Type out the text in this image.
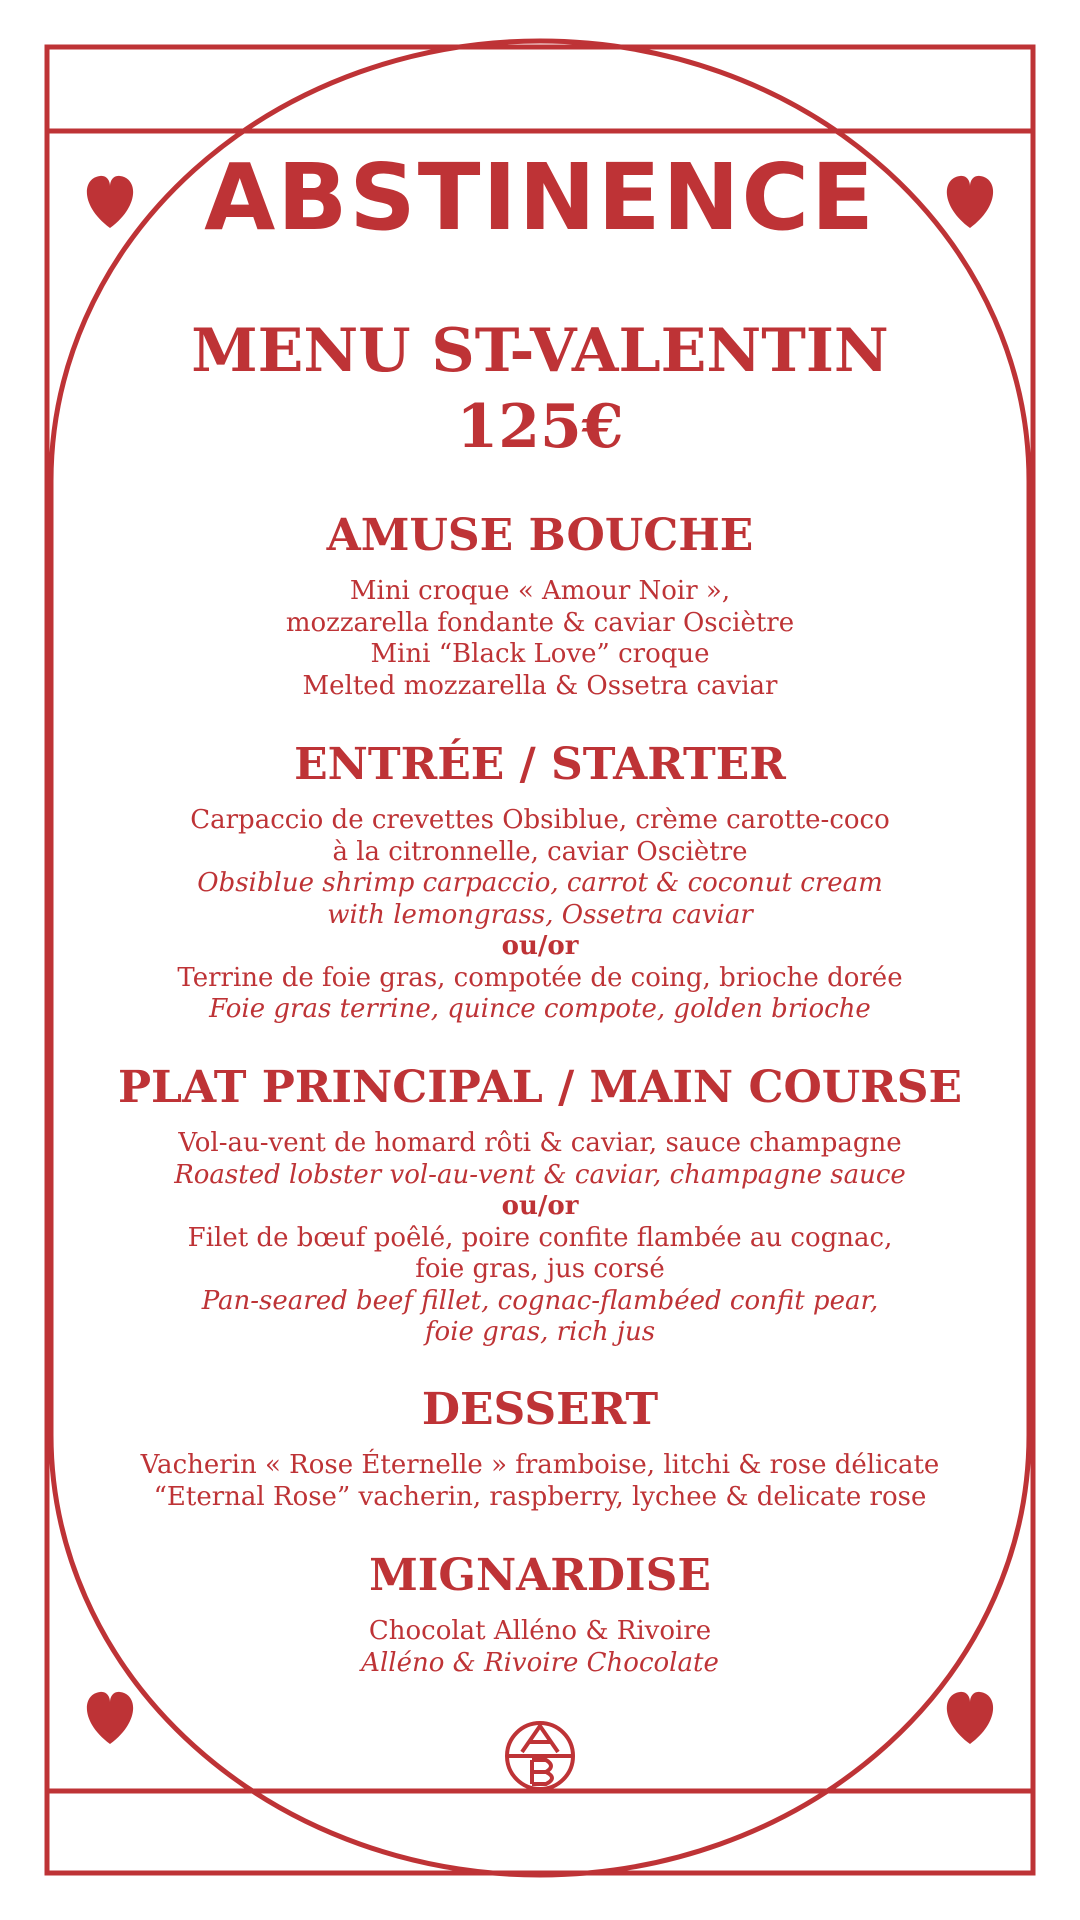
ABSTINENCE
MENU ST-VALENTIN
125€
AMUSE BOUCHE
Mini croque « Amour Noir »,
mozzarella fondante & caviar Osciètre
Mini “Black Love” croque
Melted mozzarella & Ossetra caviar
ENTRÉE / STARTER
Carpaccio de crevettes Obsiblue, crème carotte-coco
à la citronnelle, caviar Osciètre
Obsiblue shrimp carpaccio, carrot & coconut cream
with lemongrass, Ossetra caviar
ou/or
Terrine de foie gras, compotée de coing, brioche dorée
Foie gras terrine, quince compote, golden brioche
PLAT PRINCIPAL / MAIN COURSE
Vol-au-vent de homard rôti & caviar, sauce champagne
Roasted lobster vol-au-vent & caviar, champagne sauce
ou/or
Filet de bœuf poêlé, poire confite flambée au cognac,
foie gras, jus corsé
Pan-seared beef fillet, cognac-flambéed confit pear,
foie gras, rich jus
DESSERT
Vacherin « Rose Éternelle » framboise, litchi & rose délicate
“Eternal Rose” vacherin, raspberry, lychee & delicate rose
MIGNARDISE
Chocolat Alléno & Rivoire
Alléno & Rivoire Chocolate
